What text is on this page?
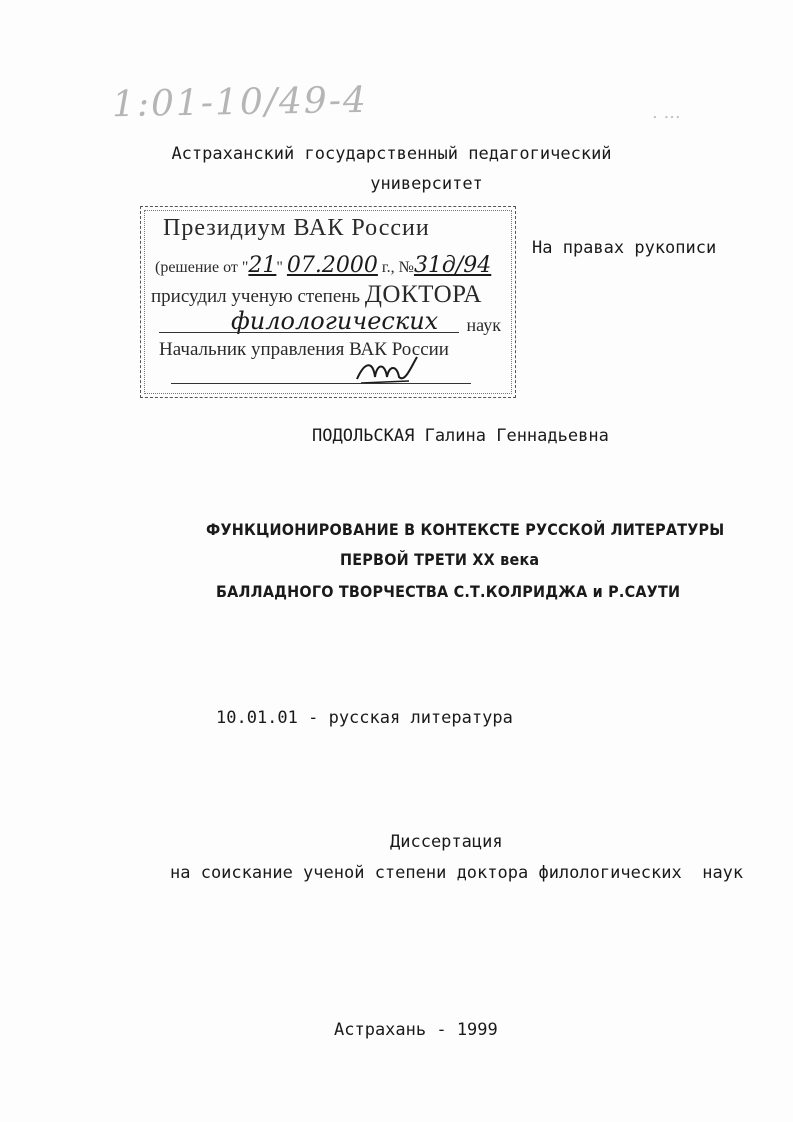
1:01-10/49-4	. ...
Астраханский государственный педагогический
университет
На правах рукописи
Президиум ВАК России
(решение от "21" 07.2000 г., №31д/94
присудил ученую степень ДОКТОРА
филологических наук
Начальник управления ВАК России
ПОДОЛЬСКАЯ Галина Геннадьевна
ФУНКЦИОНИРОВАНИЕ В КОНТЕКСТЕ РУССКОЙ ЛИТЕРАТУРЫ
ПЕРВОЙ ТРЕТИ XX века
БАЛЛАДНОГО ТВОРЧЕСТВА С.Т.КОЛРИДЖА и Р.САУТИ
10.01.01 - русская литература
Диссертация
на соискание ученой степени доктора филологических  наук
Астрахань - 1999
